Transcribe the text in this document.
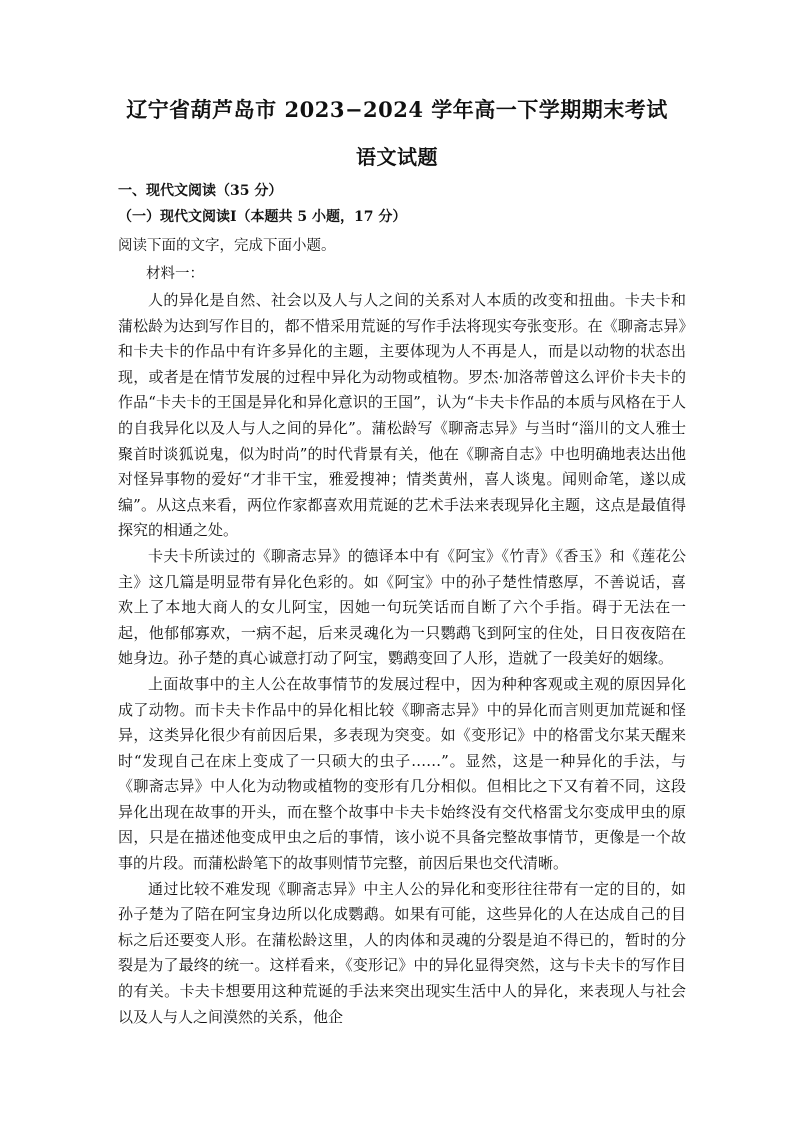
辽宁省葫芦岛市 2023−2024 学年高一下学期期末考试
语文试题
一、现代文阅读（35 分）
（一）现代文阅读Ⅰ（本题共 5 小题，17 分）
阅读下面的文字，完成下面小题。
材料一：

人的异化是自然、社会以及人与人之间的关系对人本质的改变和扭曲。卡夫卡和蒲松龄为达到写作目的，都不惜采用荒诞的写作手法将现实夸张变形。在《聊斋志异》和卡夫卡的作品中有许多异化的主题，主要体现为人不再是人，而是以动物的状态出现，或者是在情节发展的过程中异化为动物或植物。罗杰·加洛蒂曾这么评价卡夫卡的作品“卡夫卡的王国是异化和异化意识的王国”，认为“卡夫卡作品的本质与风格在于人的自我异化以及人与人之间的异化”。蒲松龄写《聊斋志异》与当时“淄川的文人雅士聚首时谈狐说鬼，似为时尚”的时代背景有关，他在《聊斋自志》中也明确地表达出他对怪异事物的爱好“才非干宝，雅爱搜神；情类黄州，喜人谈鬼。闻则命笔，遂以成编”。从这点来看，两位作家都喜欢用荒诞的艺术手法来表现异化主题，这点是最值得探究的相通之处。

卡夫卡所读过的《聊斋志异》的德译本中有《阿宝》《竹青》《香玉》和《莲花公主》这几篇是明显带有异化色彩的。如《阿宝》中的孙子楚性情憨厚，不善说话，喜欢上了本地大商人的女儿阿宝，因她一句玩笑话而自断了六个手指。碍于无法在一起，他郁郁寡欢，一病不起，后来灵魂化为一只鹦鹉飞到阿宝的住处，日日夜夜陪在她身边。孙子楚的真心诚意打动了阿宝，鹦鹉变回了人形，造就了一段美好的姻缘。

上面故事中的主人公在故事情节的发展过程中，因为种种客观或主观的原因异化成了动物。而卡夫卡作品中的异化相比较《聊斋志异》中的异化而言则更加荒诞和怪异，这类异化很少有前因后果，多表现为突变。如《变形记》中的格雷戈尔某天醒来时“发现自己在床上变成了一只硕大的虫子……”。显然，这是一种异化的手法，与《聊斋志异》中人化为动物或植物的变形有几分相似。但相比之下又有着不同，这段异化出现在故事的开头，而在整个故事中卡夫卡始终没有交代格雷戈尔变成甲虫的原因，只是在描述他变成甲虫之后的事情，该小说不具备完整故事情节，更像是一个故事的片段。而蒲松龄笔下的故事则情节完整，前因后果也交代清晰。

通过比较不难发现《聊斋志异》中主人公的异化和变形往往带有一定的目的，如孙子楚为了陪在阿宝身边所以化成鹦鹉。如果有可能，这些异化的人在达成自己的目标之后还要变人形。在蒲松龄这里，人的肉体和灵魂的分裂是迫不得已的，暂时的分裂是为了最终的统一。这样看来，《变形记》中的异化显得突然，这与卡夫卡的写作目的有关。卡夫卡想要用这种荒诞的手法来突出现实生活中人的异化，来表现人与社会以及人与人之间漠然的关系，他企
